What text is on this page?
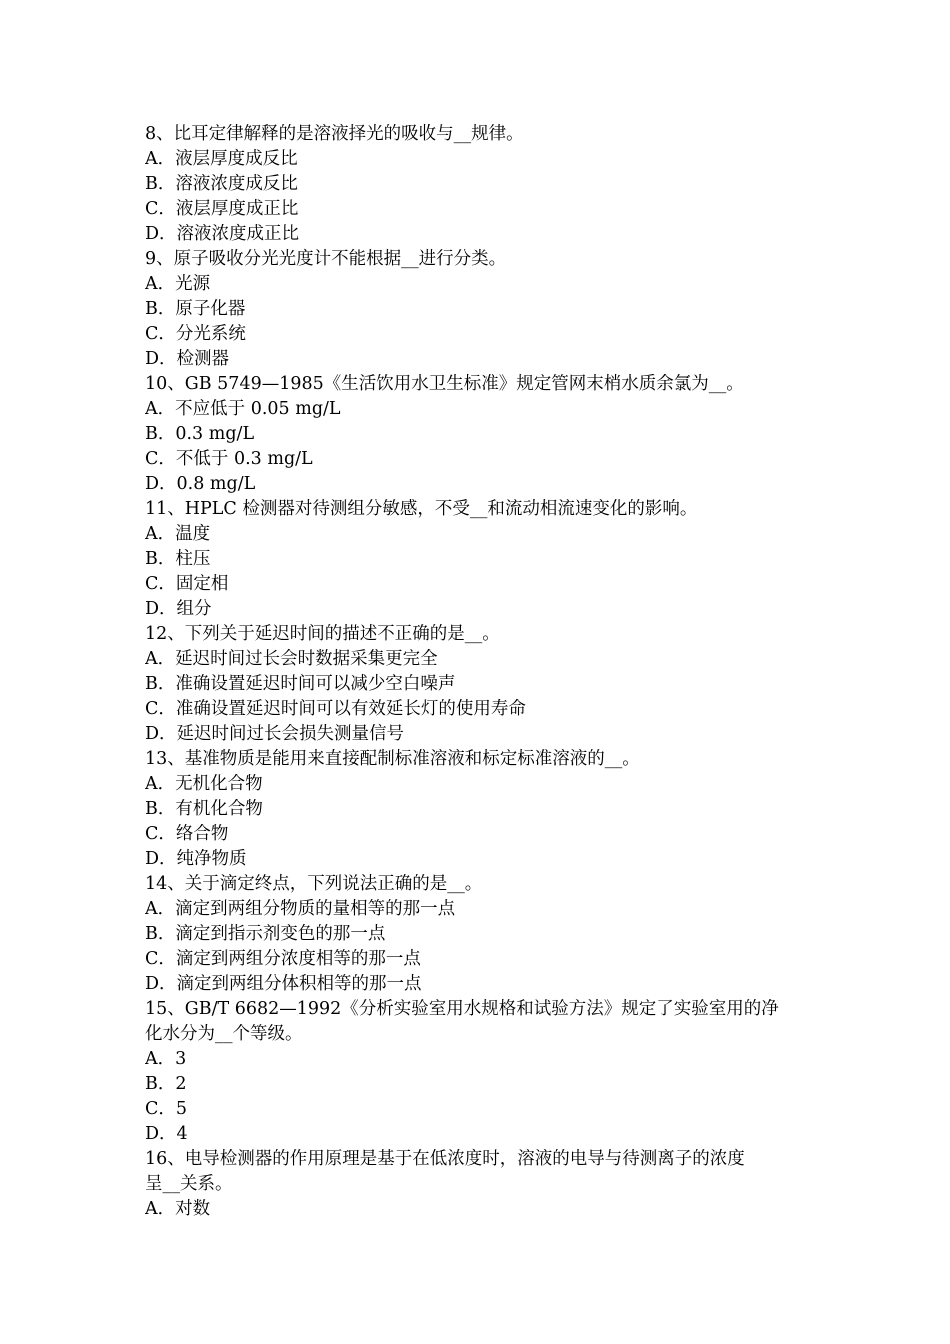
8、比耳定律解释的是溶液择光的吸收与__规律。
A．液层厚度成反比
B．溶液浓度成反比
C．液层厚度成正比
D．溶液浓度成正比
9、原子吸收分光光度计不能根据__进行分类。
A．光源
B．原子化器
C．分光系统
D．检测器
10、GB 5749—1985《生活饮用水卫生标准》规定管网末梢水质余氯为__。
A．不应低于 0.05 mg/L
B．0.3 mg/L
C．不低于 0.3 mg/L
D．0.8 mg/L
11、HPLC 检测器对待测组分敏感，不受__和流动相流速变化的影响。
A．温度
B．柱压
C．固定相
D．组分
12、下列关于延迟时间的描述不正确的是__。
A．延迟时间过长会时数据采集更完全
B．准确设置延迟时间可以减少空白噪声
C．准确设置延迟时间可以有效延长灯的使用寿命
D．延迟时间过长会损失测量信号
13、基准物质是能用来直接配制标准溶液和标定标准溶液的__。
A．无机化合物
B．有机化合物
C．络合物
D．纯净物质
14、关于滴定终点，下列说法正确的是__。
A．滴定到两组分物质的量相等的那一点
B．滴定到指示剂变色的那一点
C．滴定到两组分浓度相等的那一点
D．滴定到两组分体积相等的那一点
15、GB/T 6682—1992《分析实验室用水规格和试验方法》规定了实验室用的净
化水分为__个等级。
A．3
B．2
C．5
D．4
16、电导检测器的作用原理是基于在低浓度时，溶液的电导与待测离子的浓度
呈__关系。
A．对数
